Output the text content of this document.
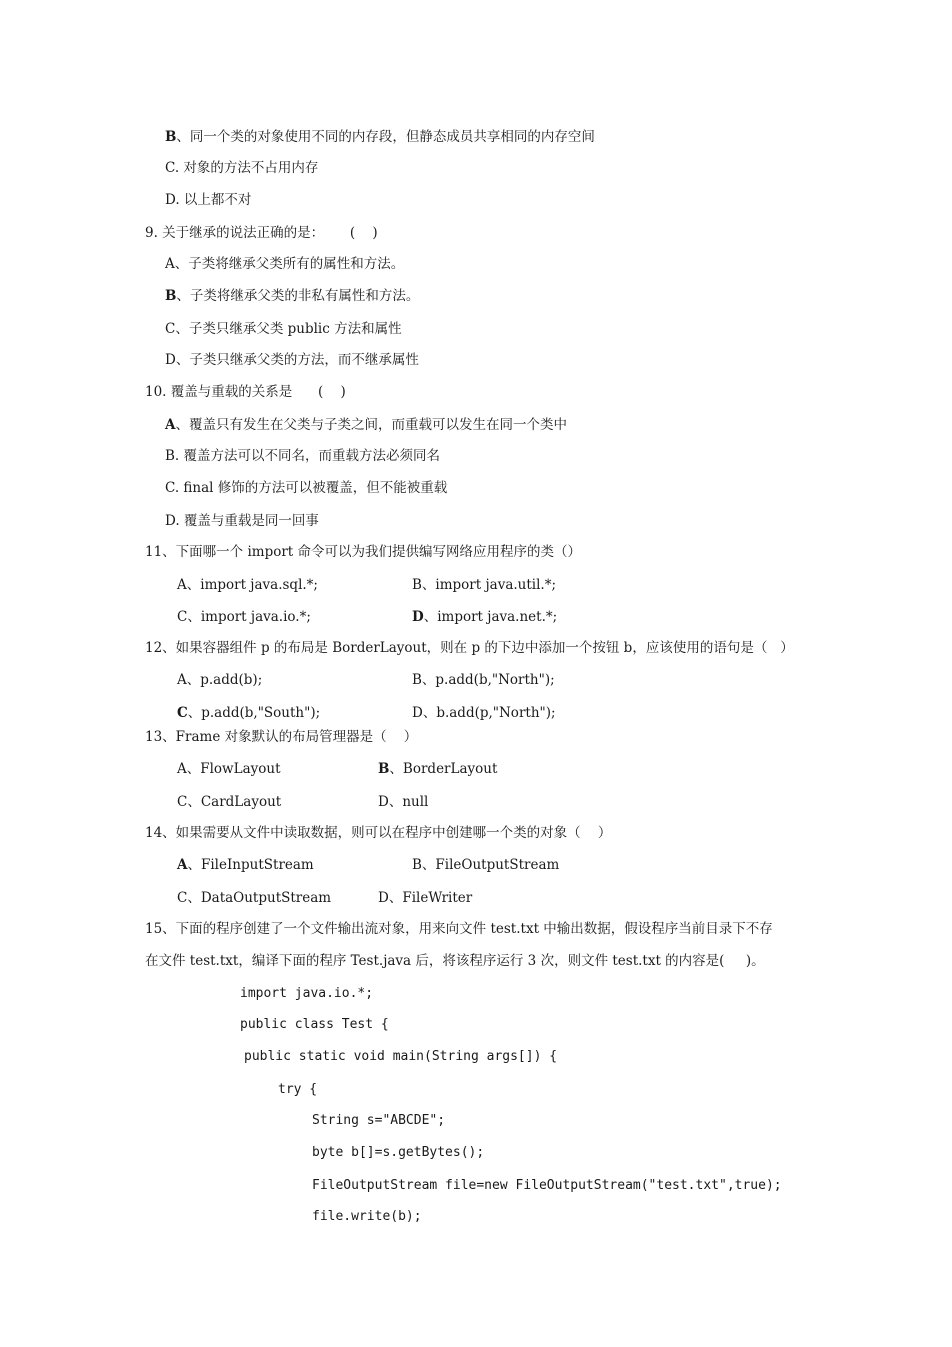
B、同一个类的对象使用不同的内存段，但静态成员共享相同的内存空间
C. 对象的方法不占用内存
D. 以上都不对
9. 关于继承的说法正确的是：      (    )
A、子类将继承父类所有的属性和方法。
B、子类将继承父类的非私有属性和方法。
C、子类只继承父类 public 方法和属性
D、子类只继承父类的方法，而不继承属性
10. 覆盖与重载的关系是      (    )
A、覆盖只有发生在父类与子类之间，而重载可以发生在同一个类中
B. 覆盖方法可以不同名，而重载方法必须同名
C. final 修饰的方法可以被覆盖，但不能被重载
D. 覆盖与重载是同一回事
11、下面哪一个 import 命令可以为我们提供编写网络应用程序的类（）
A、import java.sql.*;	B、import java.util.*;
C、import java.io.*;	D、import java.net.*;
12、如果容器组件 p 的布局是 BorderLayout，则在 p 的下边中添加一个按钮 b，应该使用的语句是（   ）
A、p.add(b);	B、p.add(b,"North");
C、p.add(b,"South");	D、b.add(p,"North");
13、Frame 对象默认的布局管理器是（    ）
A、FlowLayout	B、BorderLayout
C、CardLayout	D、null
14、如果需要从文件中读取数据，则可以在程序中创建哪一个类的对象（    ）
A、FileInputStream	B、FileOutputStream
C、DataOutputStream	D、FileWriter
15、下面的程序创建了一个文件输出流对象，用来向文件 test.txt 中输出数据，假设程序当前目录下不存
在文件 test.txt，编译下面的程序 Test.java 后，将该程序运行 3 次，则文件 test.txt 的内容是(     )。
import java.io.*;
public class Test {
public static void main(String args[]) {
try {
String s="ABCDE";
byte b[]=s.getBytes();
FileOutputStream file=new FileOutputStream("test.txt",true);
file.write(b);
